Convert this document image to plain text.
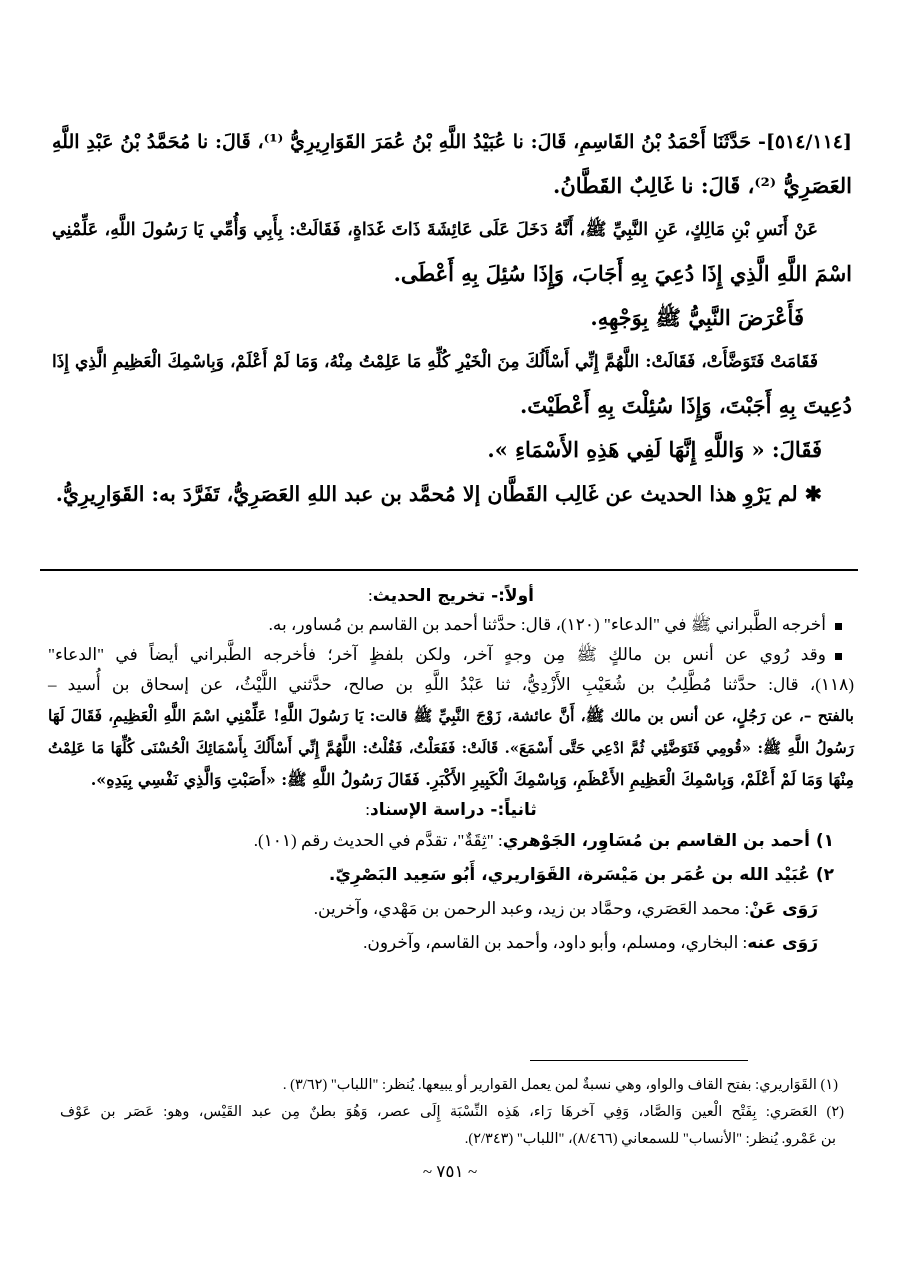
[٥١٤/١١٤]- حَدَّثَنَا أَحْمَدُ بْنُ القَاسِمِ، قَالَ: نا عُبَيْدُ اللَّهِ بْنُ عُمَرَ القَوَارِيرِيُّ ⁽¹⁾، قَالَ: نا مُحَمَّدُ بْنُ عَبْدِ اللَّهِ

العَصَرِيُّ ⁽²⁾، قَالَ: نا غَالِبٌ القَطَّانُ.

عَنْ أَنَسِ بْنِ مَالِكٍ، عَنِ النَّبِيِّ ﷺ، أَنَّهُ دَخَلَ عَلَى عَائِشَةَ ذَاتَ غَدَاةٍ، فَقَالَتْ: بِأَبِي وَأُمِّي يَا رَسُولَ اللَّهِ، عَلِّمْنِي

اسْمَ اللَّهِ الَّذِي إِذَا دُعِيَ بِهِ أَجَابَ، وَإِذَا سُئِلَ بِهِ أَعْطَى.

فَأَعْرَضَ النَّبِيُّ ﷺ بِوَجْهِهِ.

فَقَامَتْ فَتَوَضَّأَتْ، فَقَالَتْ: اللَّهُمَّ إِنِّي أَسْأَلُكَ مِنَ الْخَيْرِ كُلِّهِ مَا عَلِمْتُ مِنْهُ، وَمَا لَمْ أَعْلَمْ، وَبِاسْمِكَ الْعَظِيمِ الَّذِي إِذَا

دُعِيتَ بِهِ أَجَبْتَ، وَإِذَا سُئِلْتَ بِهِ أَعْطَيْتَ.

فَقَالَ: « وَاللَّهِ إِنَّهَا لَفِي هَذِهِ الأَسْمَاءِ ».

✱ لم يَرْوِ هذا الحديث عن غَالِب القَطَّان إلا مُحمَّد بن عبد اللهِ العَصَرِيُّ، تَفَرَّدَ به: القَوَارِيرِيُّ.

أولاً:- تخريج الحديث:

أخرجه الطَّبراني ﷺ في "الدعاء" (١٢٠)، قال: حدَّثنا أحمد بن القاسم بن مُساور، به.

وقد رُوي عن أنس بن مالكٍ ﷺ مِن وجهٍ آخر، ولكن بلفظٍ آخر؛ فأخرجه الطَّبراني أيضاً في "الدعاء"

(١١٨)، قال: حدَّثنا مُطَّلِبُ بن شُعَيْبِ الأَزْدِيُّ، ثنا عَبْدُ اللَّهِ بن صالح، حدَّثني اللَّيْثُ، عن إسحاق بن أُسيد –

بالفتح –، عن رَجُلٍ، عن أنس بن مالك ﷺ، أَنَّ عائشة، زَوْجَ النَّبِيِّ ﷺ قالت: يَا رَسُولَ اللَّهِ! عَلِّمْنِي اسْمَ اللَّهِ الْعَظِيمِ، فَقَالَ لَهَا

رَسُولُ اللَّهِ ﷺ: «قُومِي فَتَوَضَّئِي ثُمَّ ادْعِي حَتَّى أَسْمَعَ». قَالَتْ: فَفَعَلْتُ، فَقُلْتُ: اللَّهُمَّ إِنِّي أَسْأَلُكَ بِأَسْمَائِكَ الْحُسْنَى كُلِّهَا مَا عَلِمْتُ

مِنْهَا وَمَا لَمْ أَعْلَمْ، وَبِاسْمِكَ الْعَظِيمِ الأَعْظَمِ، وَبِاسْمِكَ الْكَبِيرِ الأَكْبَرِ. فَقَالَ رَسُولُ اللَّهِ ﷺ: «أَصَبْتِ وَالَّذِي نَفْسِي بِيَدِهِ».

ثانياً:- دراسة الإسناد:

١) أحمد بن القاسم بن مُسَاوِر، الجَوْهري: "ثِقَةٌ"، تقدَّم في الحديث رقم (١٠١).

٢) عُبَيْد الله بن عُمَر بن مَيْسَرة، القَوَاريري، أَبُو سَعِيد البَصْرِيّ.

رَوَى عَنْ: محمد العَصَري، وحمَّاد بن زيد، وعبد الرحمن بن مَهْدي، وآخرين.

رَوَى عنه: البخاري، ومسلم، وأبو داود، وأحمد بن القاسم، وآخرون.

(١) القَوَاريري: بفتح القاف والواو، وهي نسبةٌ لمن يعمل القوارير أو يبيعها. يُنظر: "اللباب" (٣/٦٢) .

(٢) العَصَري: بِفَتْح الْعين وَالصَّاد، وَفِي آخرهَا رَاء، هَذِه النِّسْبَة إِلَى عصر، وَهُوَ بطنٌ مِن عبد القَيْس، وهو: عَصَر بن عَوْف

بن عَمْرو. يُنظر: "الأنساب" للسمعاني (٨/٤٦٦)، "اللباب" (٢/٣٤٣).

~ ٧٥١ ~
